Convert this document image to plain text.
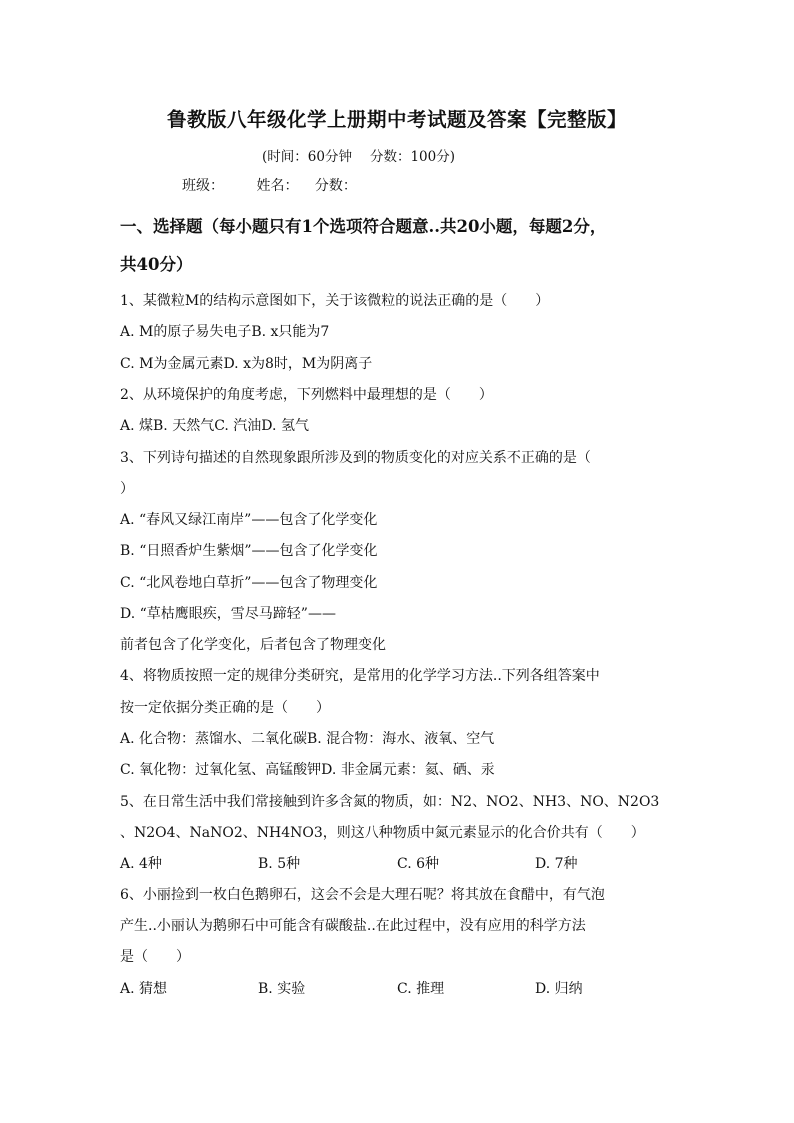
鲁教版八年级化学上册期中考试题及答案【完整版】
(时间：60分钟 分数：100分)
班级： 姓名： 分数：
一、选择题（每小题只有1个选项符合题意..共20小题，每题2分，
共40分）
1、某微粒M的结构示意图如下，关于该微粒的说法正确的是（　　）
A. M的原子易失电子B. x只能为7
C. M为金属元素D. x为8时，M为阴离子
2、从环境保护的角度考虑，下列燃料中最理想的是（　　）
A. 煤B. 天然气C. 汽油D. 氢气
3、下列诗句描述的自然现象跟所涉及到的物质变化的对应关系不正确的是（
）
A. “春风又绿江南岸”——包含了化学变化
B. “日照香炉生紫烟”——包含了化学变化
C. “北风卷地白草折”——包含了物理变化
D. “草枯鹰眼疾，雪尽马蹄轻”——
前者包含了化学变化，后者包含了物理变化
4、将物质按照一定的规律分类研究，是常用的化学学习方法..下列各组答案中
按一定依据分类正确的是（　　）
A. 化合物：蒸馏水、二氧化碳B. 混合物：海水、液氧、空气
C. 氧化物：过氧化氢、高锰酸钾D. 非金属元素：氦、硒、汞
5、在日常生活中我们常接触到许多含氮的物质，如：N2、NO2、NH3、NO、N2O3
、N2O4、NaNO2、NH4NO3，则这八种物质中氮元素显示的化合价共有（　　）
A. 4种	B. 5种	C. 6种	D. 7种
6、小丽捡到一枚白色鹅卵石，这会不会是大理石呢？将其放在食醋中，有气泡
产生..小丽认为鹅卵石中可能含有碳酸盐..在此过程中，没有应用的科学方法
是（　　）
A. 猜想	B. 实验	C. 推理	D. 归纳
